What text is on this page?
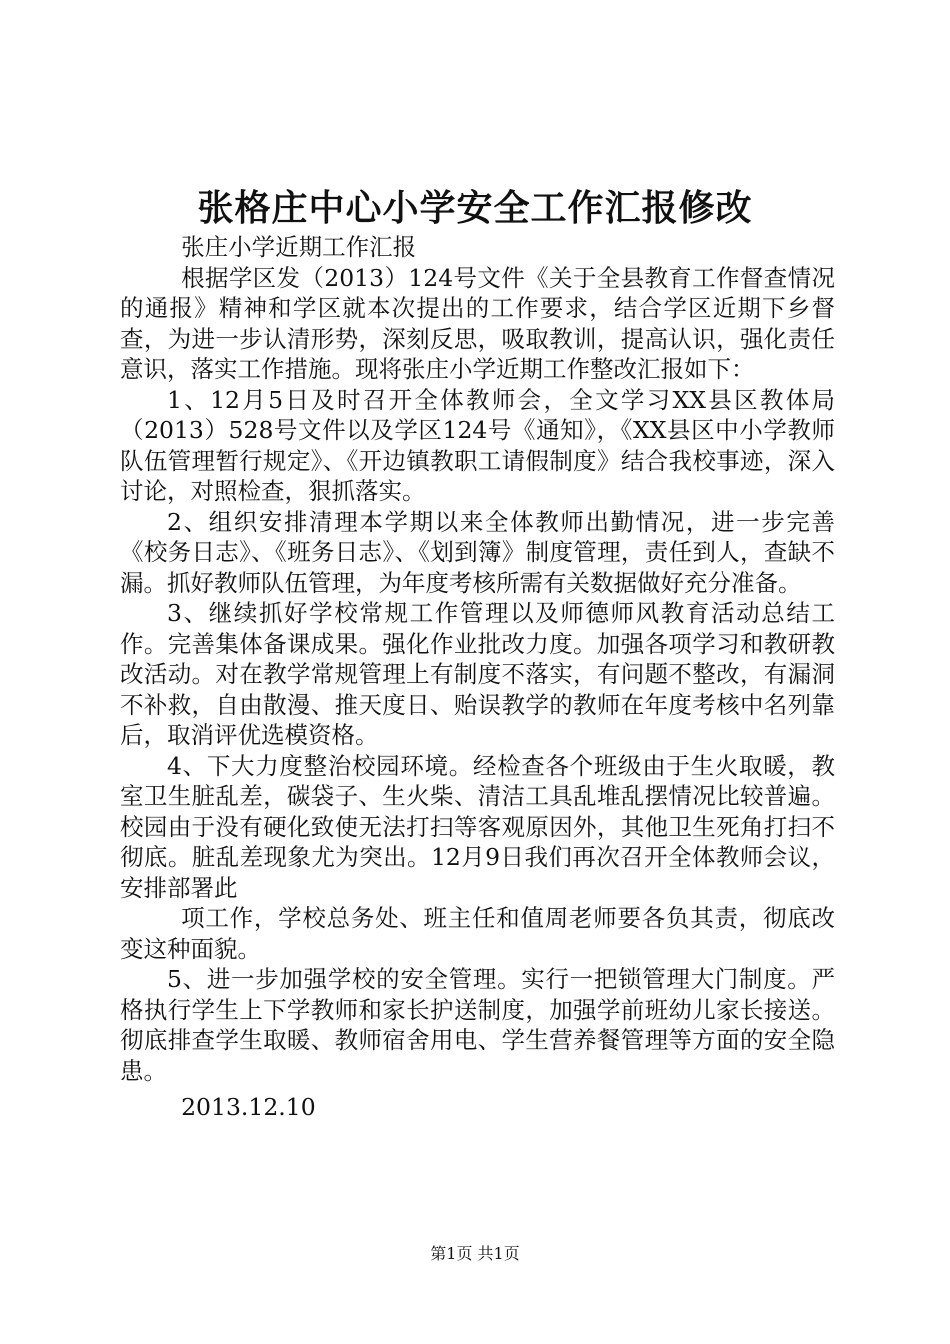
张格庄中心小学安全工作汇报修改

张庄小学近期工作汇报

根据学区发（2013）124号文件《关于全县教育工作督查情况的通报》精神和学区就本次提出的工作要求，结合学区近期下乡督查，为进一步认清形势，深刻反思，吸取教训，提高认识，强化责任意识，落实工作措施。现将张庄小学近期工作整改汇报如下：

1、12月5日及时召开全体教师会，全文学习XX县区教体局（2013）528号文件以及学区124号《通知》，《XX县区中小学教师队伍管理暂行规定》、《开边镇教职工请假制度》结合我校事迹，深入讨论，对照检查，狠抓落实。

2、组织安排清理本学期以来全体教师出勤情况，进一步完善《校务日志》、《班务日志》、《划到簿》制度管理，责任到人，查缺不漏。抓好教师队伍管理，为年度考核所需有关数据做好充分准备。

3、继续抓好学校常规工作管理以及师德师风教育活动总结工作。完善集体备课成果。强化作业批改力度。加强各项学习和教研教改活动。对在教学常规管理上有制度不落实，有问题不整改，有漏洞不补救，自由散漫、推天度日、贻误教学的教师在年度考核中名列靠后，取消评优选模资格。

4、下大力度整治校园环境。经检查各个班级由于生火取暖，教室卫生脏乱差，碳袋子、生火柴、清洁工具乱堆乱摆情况比较普遍。校园由于没有硬化致使无法打扫等客观原因外，其他卫生死角打扫不彻底。脏乱差现象尤为突出。12月9日我们再次召开全体教师会议，安排部署此

项工作，学校总务处、班主任和值周老师要各负其责，彻底改变这种面貌。

5、进一步加强学校的安全管理。实行一把锁管理大门制度。严格执行学生上下学教师和家长护送制度，加强学前班幼儿家长接送。彻底排查学生取暖、教师宿舍用电、学生营养餐管理等方面的安全隐患。

2013.12.10

第1页 共1页
